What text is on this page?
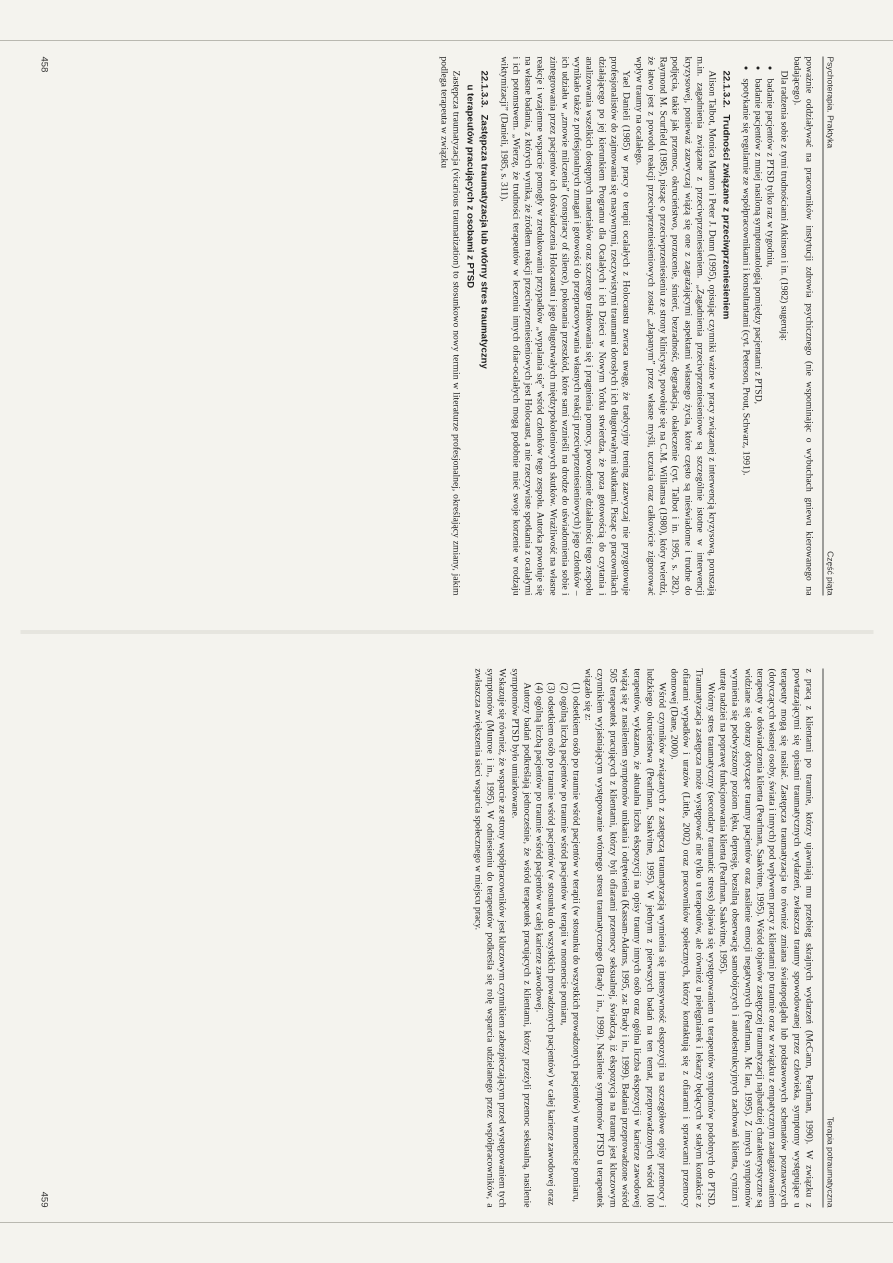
Psychoterapia. Praktyka
Część piąta

poważnie oddziaływać na pracowników instytucji zdrowia psychicznego (nie wspominając o wybuchach gniewu kierowanego na badającego).

Dla radzenia sobie z tymi trudnościami Atkinson i in. (1982) sugerują:

• badanie pacjentów z PTSD tylko raz w tygodniu,
• badanie pacjentów z mniej nasiloną symptomatologią pomiędzy pacjentami z PTSD,
• spotykanie się regularnie ze współpracownikami i konsultantami (cyt. Peterson, Prout, Schwarz, 1991).
22.1.3.2. Trudności związane z przeciwprzeniesieniem

Alison Talbot, Monica Manton i Peter J. Dunn (1995), opisując czynniki ważne w pracy związanej z interwencją kryzysową, poruszają m.in. zagadnienia związane z przeciwprzeniesieniem. „Zagadnienia przeciwprzeniesieniowe są szczególnie istotne w interwencji kryzysowej, ponieważ zazwyczaj wiążą się one z zagrażającymi aspektami własnego życia, które często są nieświadome i trudne do podjęcia, takie jak przemoc, okrucieństwo, porzucenie, śmierć, bezradność, degradacja, okaleczenie (cyt. Talbot i in. 1995, s. 282). Raymond M. Scurfield (1985), pisząc o przeciwprzeniesieniu ze strony klinicysty, powołuje się na C.M. Williamsa (1980), który twierdzi, że łatwo jest z powodu reakcji przeciwprzeniesieniowych zostać „złapanym” przez własne myśli, uczucia oraz całkowicie zignorować wpływ traumy na ocalałego.

Yael Danieli (1985) w pracy o terapii ocalałych z Holocaustu zwraca uwagę, że tradycyjny trening zazwyczaj nie przygotowuje profesjonalistów do zajmowania się masywnymi, rzeczywistymi traumami dorosłych i ich długotrwałymi skutkami. Pisząc o pracownikach działającego po jej kierunkiem Programu dla Ocalałych i ich Dzieci w Nowym Yorku stwierdza, że poza gotowością do czytania i analizowania wszelkich dostępnych materiałów oraz szczerego traktowania się i pragnienia pomocy, powodzenie działalności tego zespołu wynikało także z profesjonalnych zmagań i gotowości do przepracowywania własnych reakcji przeciwprzeniesieniowych) jego członków – ich udziału w „zmowie milczenia” (conspiracy of silence), pokonania przeszkód, które sami wznieśli na drodze do uświadomienia sobie i zintegrowania przez pacjentów ich doświadczenia Holocaustu i jego długotrwałych międzypokoleniowych skutków. Wrażliwość na własne reakcje i wzajemne wsparcie pomogły w zredukowaniu przypadków „wypalania się” wśród członków tego zespołu. Autorka powołuje się na własne badania, z których wynika, że źródłem reakcji przeciwprzeniesieniowych jest Holocaust, a nie rzeczywiste spotkania z ocalałymi i ich potomstwem. „Wierzę, że trudności terapeutów w leczeniu innych ofiar-ocalałych mogą podobnie mieć swoje korzenie w rodzaju wiktymizacji” (Danieli, 1985, s. 311).

22.1.3.3. Zastępcza traumatyzacja lub wtórny stres traumatyczny
u terapeutów pracujących z osobami z PTSD

Zastępcza traumatyzacja (vicarious traumatization) to stosunkowo nowy termin w literaturze profesjonalnej, określający zmiany, jakim podlega terapeuta w związku

458
Terapia potraumatyczna

z pracą z klientami po traumie, którzy ujawniają mu przebieg skrajnych wydarzeń (McCann, Pearlman, 1990). W związku z powtarzającymi się opisami traumatycznych wydarzeń, zwłaszcza traumy spowodowanej przez człowieka, symptomy występujące u terapeuty mogą się nasilać. Zastępcza traumatyzacja to również zmiana światopoglądu lub podstawowych schematów poznawczych (dotyczących własnej osoby, świata i innych) pod wpływem pracy z klientami po traumie oraz w związku z empatycznym zaangażowaniem terapeuty w doświadczenia klienta (Pearlman, Saakvitne, 1995). Wśród objawów zastępczej traumatyzacji najbardziej charakterystyczne są widziane się obrazy dotyczące traumy pacjentów oraz nasilenie emocji negatywnych (Pearlman, Mc Ian, 1995). Z innych symptomów wymienia się podwyższony poziom lęku, depresję, bezsilną obserwację samobójczych i autodestrukcyjnych zachowań klienta, cynizm i utratę nadziei na poprawę funkcjonowania klienta (Pearlman, Saakvitne, 1995).

Wtórny stres traumatyczny (secondary traumatic stress) objawia się występowaniem u terapeutów symptomów podobnych do PTSD. Traumatyzacja zastępcza może występować nie tylko u terapeutów, ale również u pielęgniarek i lekarzy będących w stałym kontakcie z ofiarami wypadków i urazów (Little, 2002) oraz pracowników społecznych, którzy kontaktują się z ofiarami i sprawcami przemocy domowej (Dane, 2000).

Wśród czynników związanych z zastępczą traumatyzacją wymienia się intensywność ekspozycji na szczegółowe opisy przemocy i ludzkiego okrucieństwa (Pearlman, Saakvitne, 1995). W jednym z pierwszych badań na ten temat, przeprowadzonych wśród 100 terapeutów, wykazano, że aktualna liczba ekspozycji na opisy traumy innych osób oraz ogólna liczba ekspozycji w karierze zawodowej wiążą się z nasileniem symptomów unikania i odrętwienia (Kassam-Adams, 1995, za: Brady i in., 1999). Badania przeprowadzone wśród 505 terapeutek pracujących z klientami, którzy byli ofiarami przemocy seksualnej, świadczą, iż ekspozycja na traumę jest kluczowym czynnikiem wyjaśniającym występowanie wtórnego stresu traumatycznego (Brady i in., 1999). Nasilenie symptomów PTSD u terapeutek wiązało się z:

(1) odsetkiem osób po traumie wśród pacjentów w terapii (w stosunku do wszystkich prowadzonych pacjentów) w momencie pomiaru,
(2) ogólną liczbą pacjentów po traumie wśród pacjentów w terapii w momencie pomiaru,
(3) odsetkiem osób po traumie wśród pacjentów (w stosunku do wszystkich prowadzonych pacjentów) w całej karierze zawodowej oraz
(4) ogólną liczbą pacjentów po traumie wśród pacjentów w całej karierze zawodowej.

Autorzy badań podkreślają jednocześnie, że wśród terapeutek pracujących z klientami, którzy przeżyli przemoc seksualną, nasilenie symptomów PTSD było umiarkowane.

Wskazuje się również, że wsparcie ze strony współpracowników jest kluczowym czynnikiem zabezpieczającym przed występowaniem tych symptomów (Munroe i in., 1995). W odniesieniu do terapeutów podkreśla się rolę wsparcia udzielanego przez współpracowników, a zwłaszcza zwiększenia sieci wsparcia społecznego w miejscu pracy.

459
